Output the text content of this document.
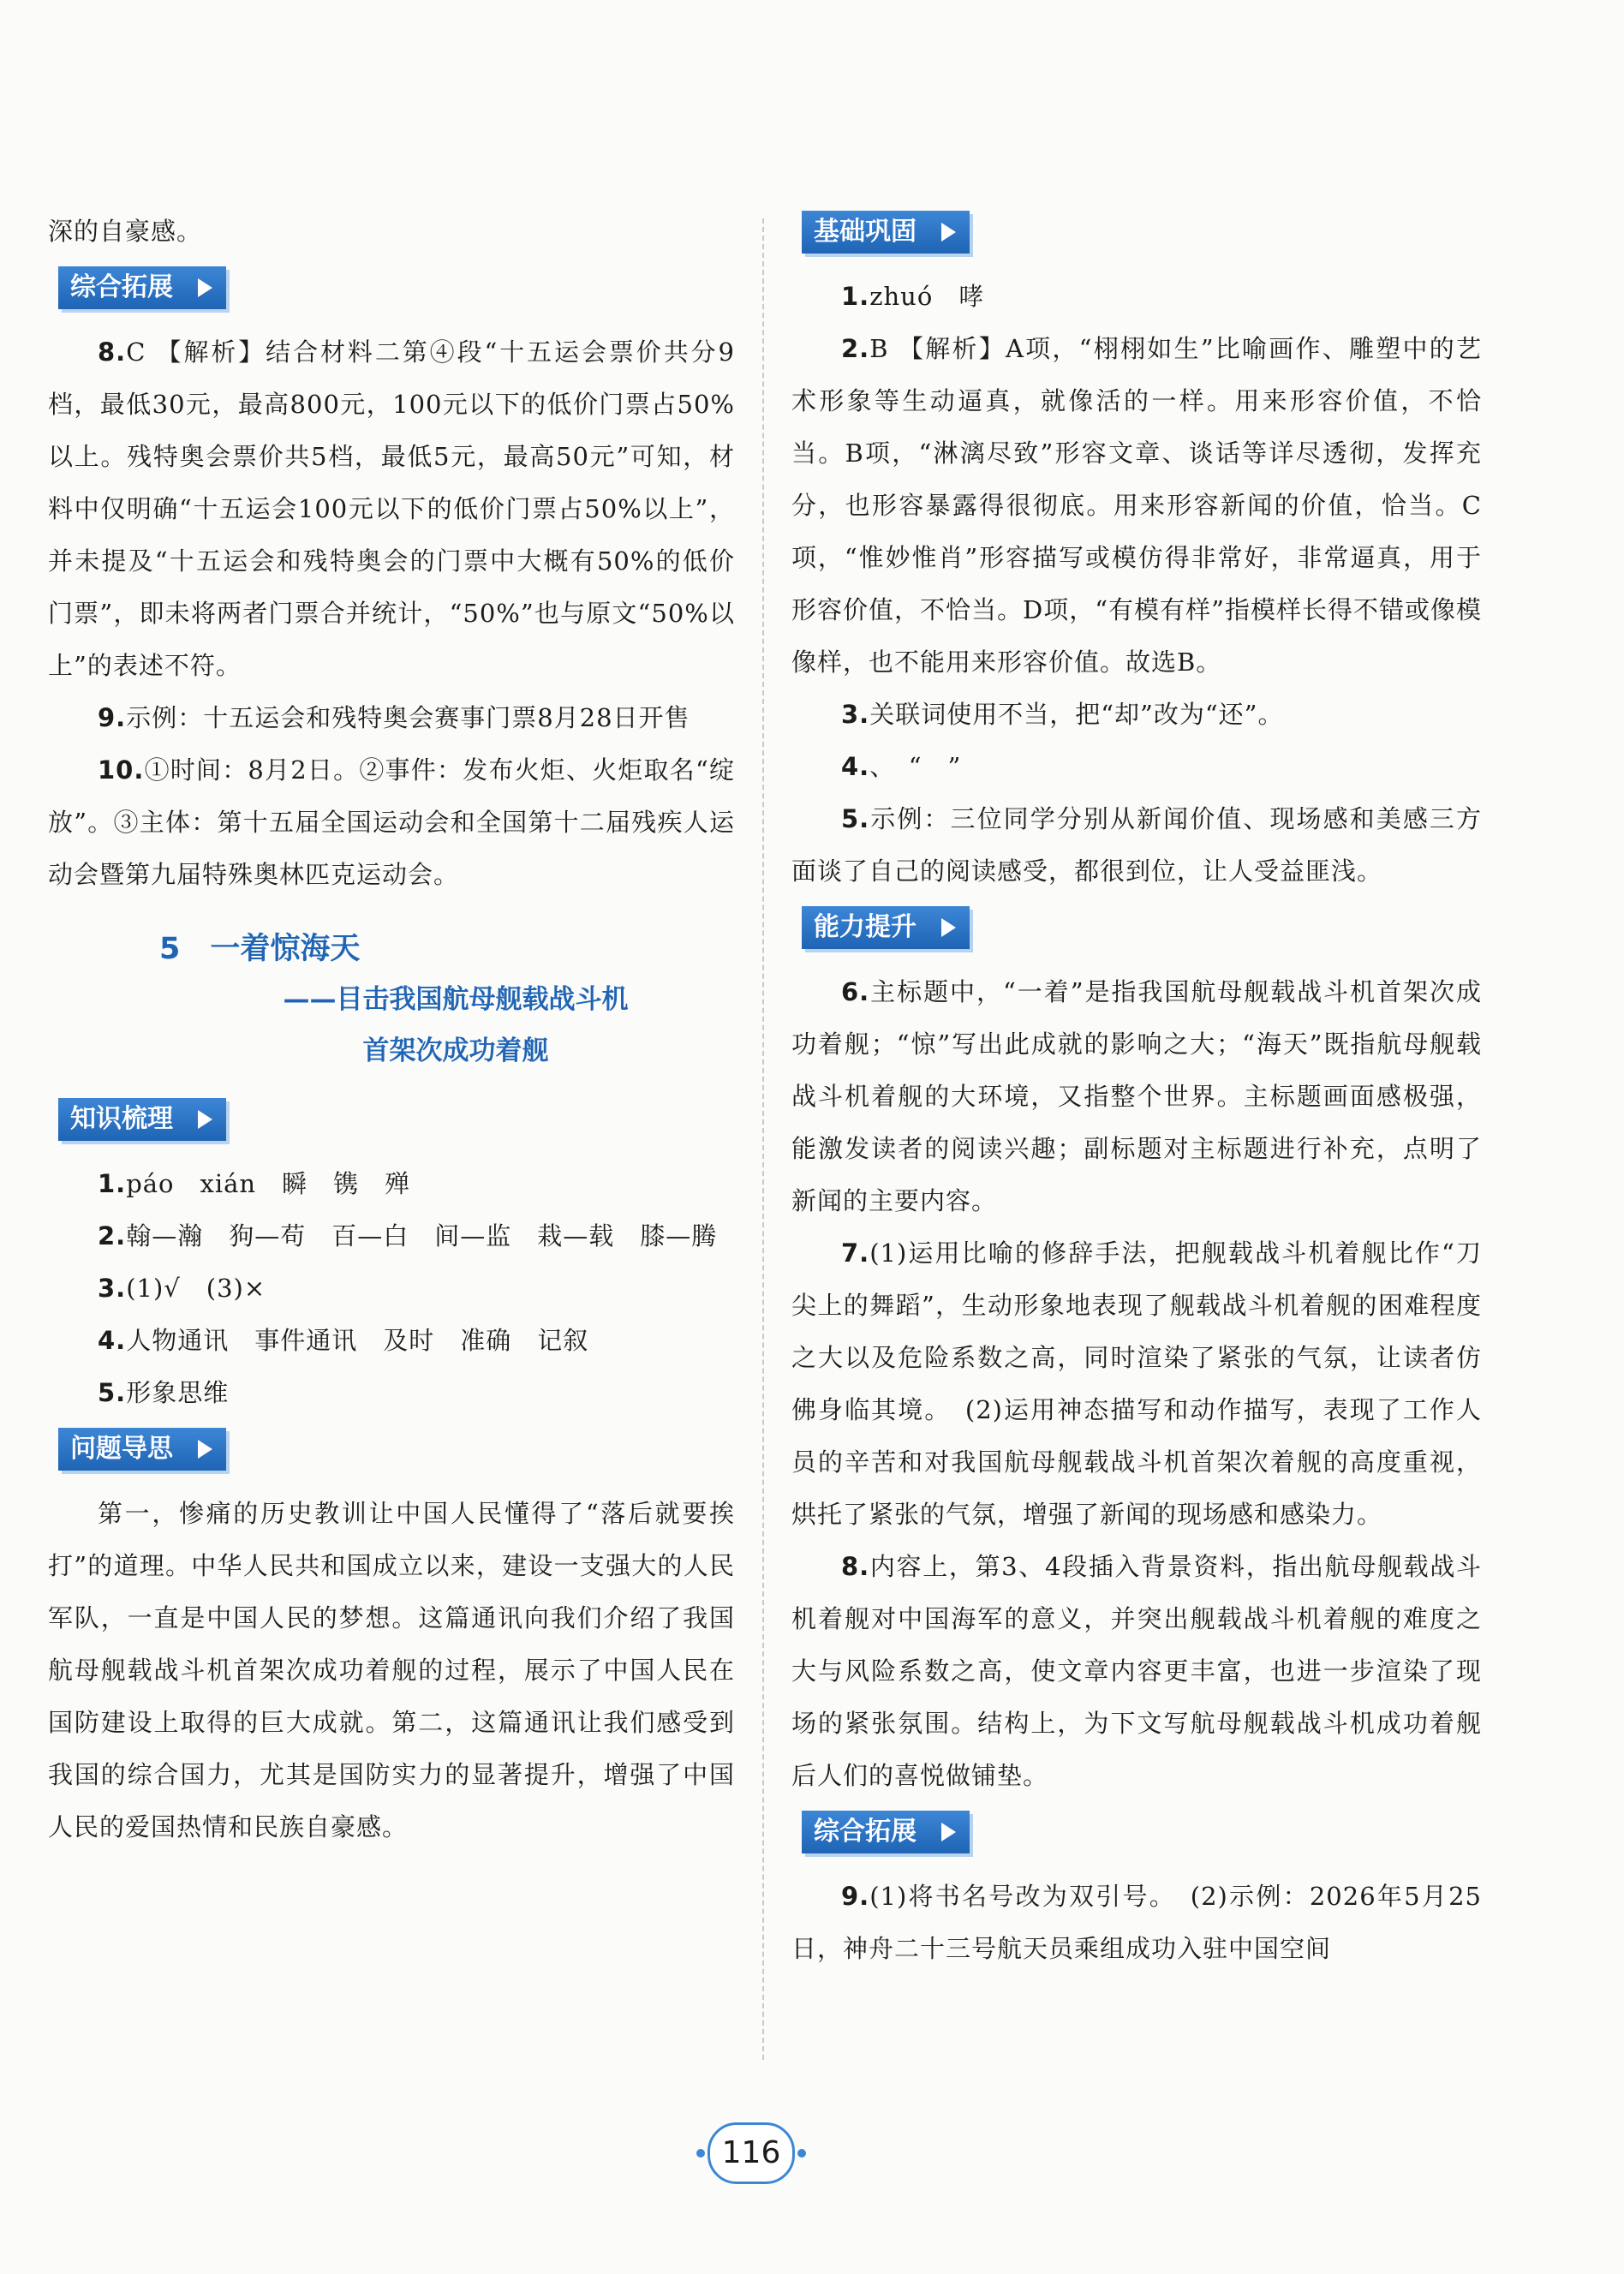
深的自豪感。

综合拓展

8.C 【解析】结合材料二第④段“十五运会票价共分9档，最低30元，最高800元，100元以下的低价门票占50%以上。残特奥会票价共5档，最低5元，最高50元”可知，材料中仅明确“十五运会100元以下的低价门票占50%以上”，并未提及“十五运会和残特奥会的门票中大概有50%的低价门票”，即未将两者门票合并统计，“50%”也与原文“50%以上”的表述不符。

9.示例：十五运会和残特奥会赛事门票8月28日开售

10.①时间：8月2日。②事件：发布火炬、火炬取名“绽放”。③主体：第十五届全国运动会和全国第十二届残疾人运动会暨第九届特殊奥林匹克运动会。

5　一着惊海天
——目击我国航母舰载战斗机
首架次成功着舰
知识梳理

1.páo　xián　瞬　镌　殚

2.翰—瀚　狗—苟　百—白　间—监　栽—载　膝—腾

3.(1)√　(3)×

4.人物通讯　事件通讯　及时　准确　记叙

5.形象思维

问题导思

第一，惨痛的历史教训让中国人民懂得了“落后就要挨打”的道理。中华人民共和国成立以来，建设一支强大的人民军队，一直是中国人民的梦想。这篇通讯向我们介绍了我国航母舰载战斗机首架次成功着舰的过程，展示了中国人民在国防建设上取得的巨大成就。第二，这篇通讯让我们感受到我国的综合国力，尤其是国防实力的显著提升，增强了中国人民的爱国热情和民族自豪感。

基础巩固

1.zhuó　哮

2.B 【解析】A项，“栩栩如生”比喻画作、雕塑中的艺术形象等生动逼真，就像活的一样。用来形容价值，不恰当。B项，“淋漓尽致”形容文章、谈话等详尽透彻，发挥充分，也形容暴露得很彻底。用来形容新闻的价值，恰当。C项，“惟妙惟肖”形容描写或模仿得非常好，非常逼真，用于形容价值，不恰当。D项，“有模有样”指模样长得不错或像模像样，也不能用来形容价值。故选B。

3.关联词使用不当，把“却”改为“还”。

4.、　“　”

5.示例：三位同学分别从新闻价值、现场感和美感三方面谈了自己的阅读感受，都很到位，让人受益匪浅。

能力提升

6.主标题中，“一着”是指我国航母舰载战斗机首架次成功着舰；“惊”写出此成就的影响之大；“海天”既指航母舰载战斗机着舰的大环境，又指整个世界。主标题画面感极强，能激发读者的阅读兴趣；副标题对主标题进行补充，点明了新闻的主要内容。

7.(1)运用比喻的修辞手法，把舰载战斗机着舰比作“刀尖上的舞蹈”，生动形象地表现了舰载战斗机着舰的困难程度之大以及危险系数之高，同时渲染了紧张的气氛，让读者仿佛身临其境。　(2)运用神态描写和动作描写，表现了工作人员的辛苦和对我国航母舰载战斗机首架次着舰的高度重视，烘托了紧张的气氛，增强了新闻的现场感和感染力。

8.内容上，第3、4段插入背景资料，指出航母舰载战斗机着舰对中国海军的意义，并突出舰载战斗机着舰的难度之大与风险系数之高，使文章内容更丰富，也进一步渲染了现场的紧张氛围。结构上，为下文写航母舰载战斗机成功着舰后人们的喜悦做铺垫。

综合拓展

9.(1)将书名号改为双引号。　(2)示例：2026年5月25日，神舟二十三号航天员乘组成功入驻中国空间

116
